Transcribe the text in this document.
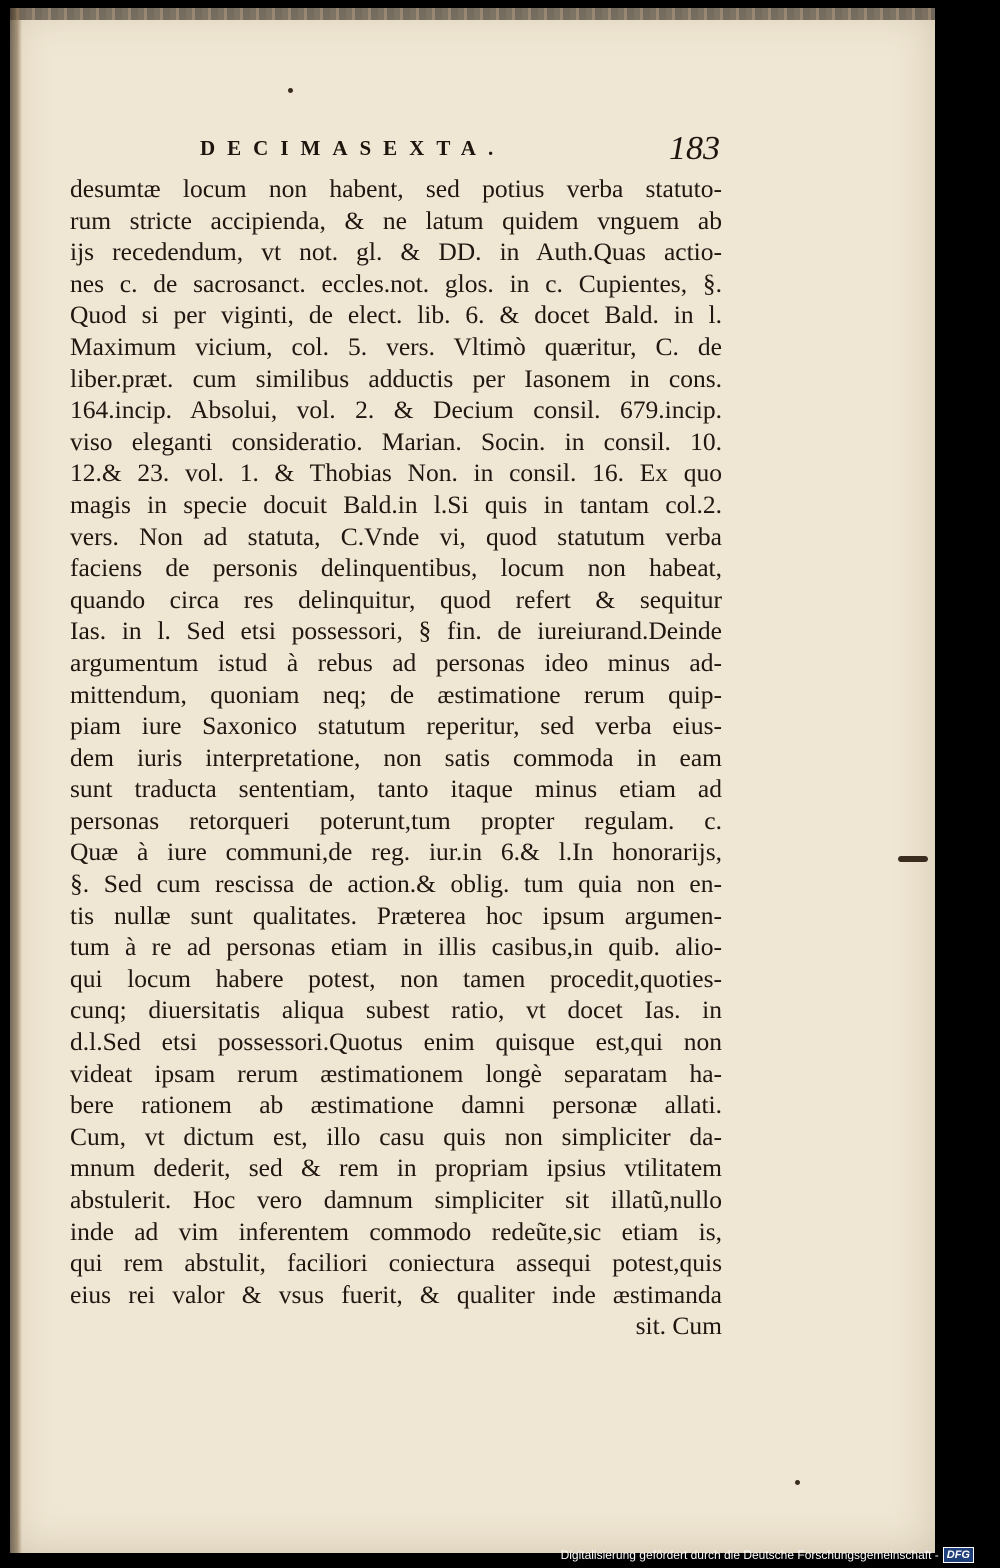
DECIMASEXTA.	183
desumtæ locum non habent, sed potius verba statuto-
rum stricte accipienda, & ne latum quidem vnguem ab
ijs recedendum, vt not. gl. & DD. in Auth.Quas actio-
nes c. de sacrosanct. eccles.not. glos. in c. Cupientes, §.
Quod si per viginti, de elect. lib. 6. & docet Bald. in l.
Maximum vicium, col. 5. vers. Vltimò quæritur, C. de
liber.præt. cum similibus adductis per Iasonem in cons.
164.incip. Absolui, vol. 2. & Decium consil. 679.incip.
viso eleganti consideratio. Marian. Socin. in consil. 10.
12.& 23. vol. 1. & Thobias Non. in consil. 16. Ex quo
magis in specie docuit Bald.in l.Si quis in tantam col.2.
vers. Non ad statuta, C.Vnde vi, quod statutum verba
faciens de personis delinquentibus, locum non habeat,
quando circa res delinquitur, quod refert & sequitur
Ias. in l. Sed etsi possessori, § fin. de iureiurand.Deinde
argumentum istud à rebus ad personas ideo minus ad-
mittendum, quoniam neq; de æstimatione rerum quip-
piam iure Saxonico statutum reperitur, sed verba eius-
dem iuris interpretatione, non satis commoda in eam
sunt traducta sententiam, tanto itaque minus etiam ad
personas retorqueri poterunt,tum propter regulam. c.
Quæ à iure communi,de reg. iur.in 6.& l.In honorarijs,
§. Sed cum rescissa de action.& oblig. tum quia non en-
tis nullæ sunt qualitates. Præterea hoc ipsum argumen-
tum à re ad personas etiam in illis casibus,in quib. alio-
qui locum habere potest, non tamen procedit,quoties-
cunq; diuersitatis aliqua subest ratio, vt docet Ias. in
d.l.Sed etsi possessori.Quotus enim quisque est,qui non
videat ipsam rerum æstimationem longè separatam ha-
bere rationem ab æstimatione damni personæ allati.
Cum, vt dictum est, illo casu quis non simpliciter da-
mnum dederit, sed & rem in propriam ipsius vtilitatem
abstulerit. Hoc vero damnum simpliciter sit illatũ,nullo
inde ad vim inferentem commodo redeũte,sic etiam is,
qui rem abstulit, faciliori coniectura assequi potest,quis
eius rei valor & vsus fuerit, & qualiter inde æstimanda
sit. Cum
Digitalisierung gefördert durch die Deutsche Forschungsgemeinschaft - DFG
